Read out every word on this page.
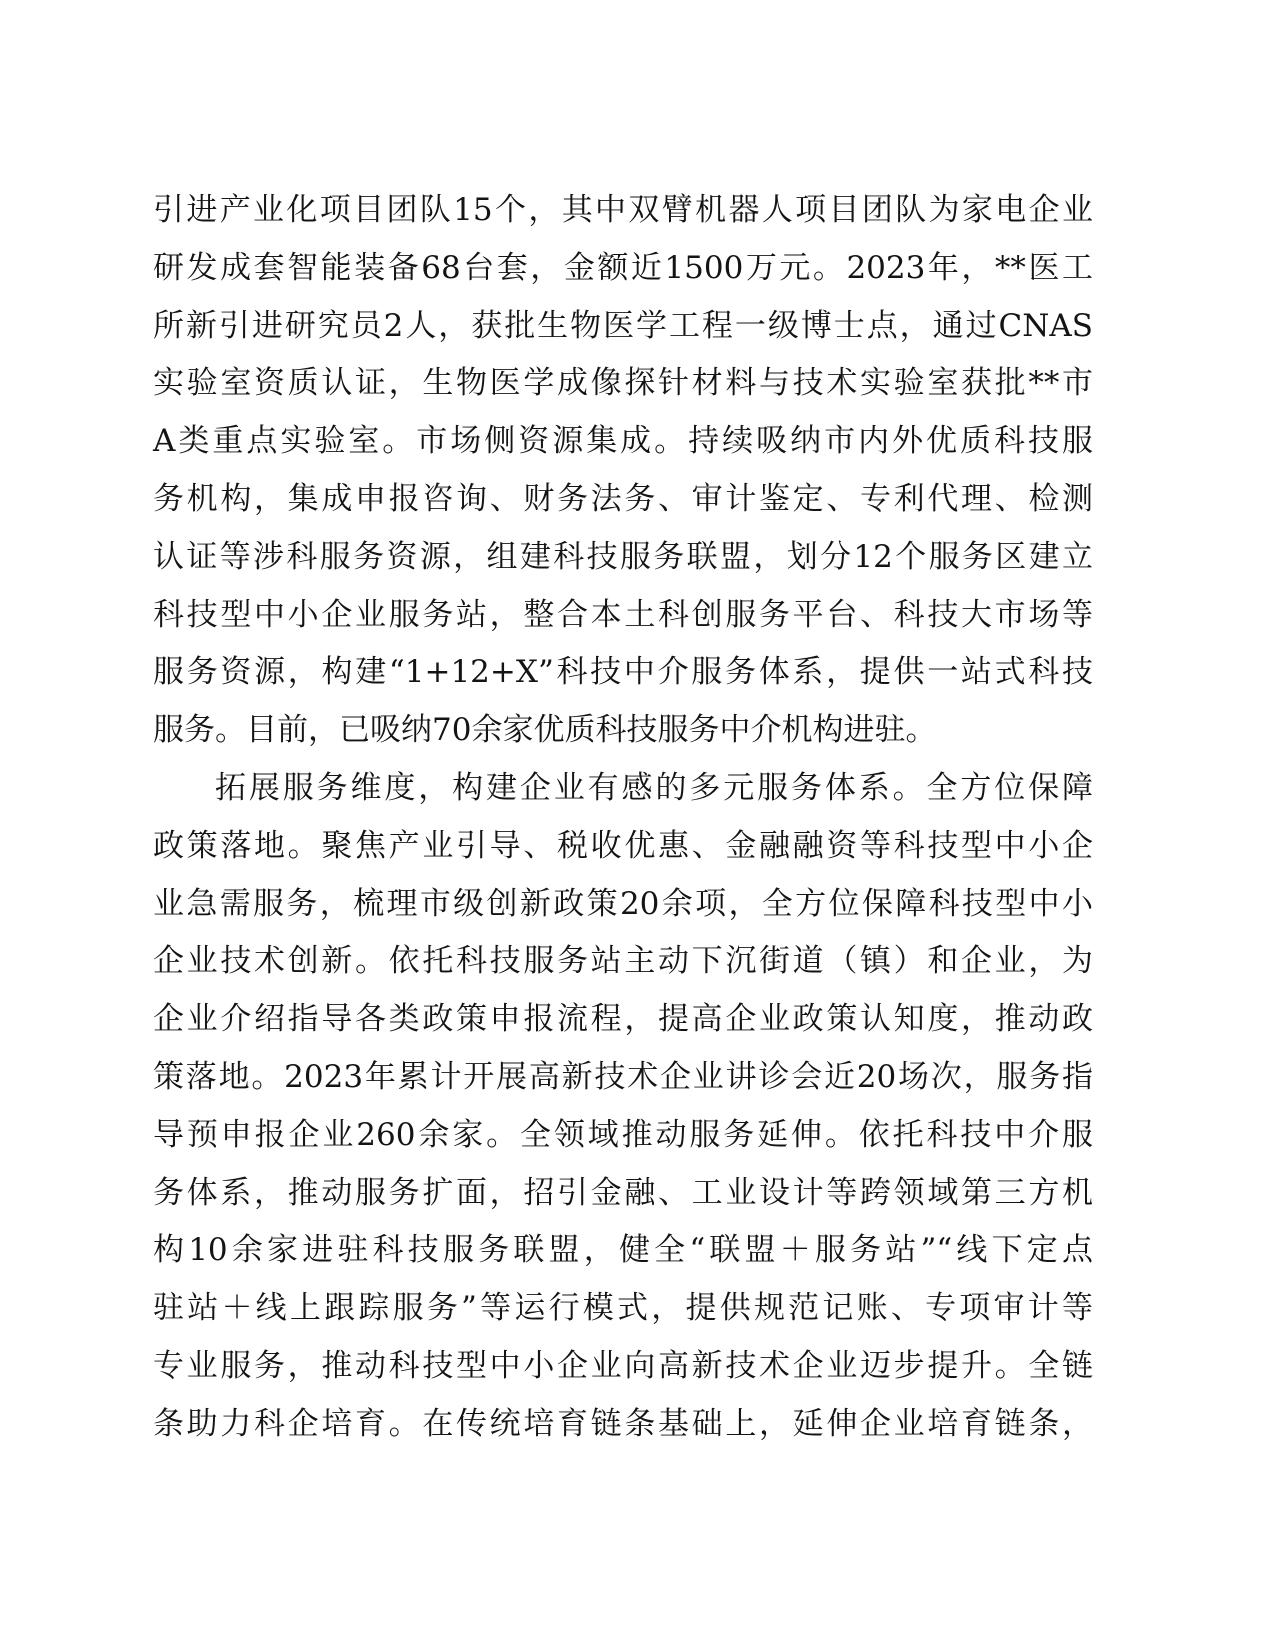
引进产业化项目团队15个，其中双臂机器人项目团队为家电企业
研发成套智能装备68台套，金额近1500万元。2023年，**医工
所新引进研究员2人，获批生物医学工程一级博士点，通过CNAS
实验室资质认证，生物医学成像探针材料与技术实验室获批**市
A类重点实验室。市场侧资源集成。持续吸纳市内外优质科技服
务机构，集成申报咨询、财务法务、审计鉴定、专利代理、检测
认证等涉科服务资源，组建科技服务联盟，划分12个服务区建立
科技型中小企业服务站，整合本土科创服务平台、科技大市场等
服务资源，构建“1+12+X”科技中介服务体系，提供一站式科技
服务。目前，已吸纳70余家优质科技服务中介机构进驻。
拓展服务维度，构建企业有感的多元服务体系。全方位保障
政策落地。聚焦产业引导、税收优惠、金融融资等科技型中小企
业急需服务，梳理市级创新政策20余项，全方位保障科技型中小
企业技术创新。依托科技服务站主动下沉街道（镇）和企业，为
企业介绍指导各类政策申报流程，提高企业政策认知度，推动政
策落地。2023年累计开展高新技术企业讲诊会近20场次，服务指
导预申报企业260余家。全领域推动服务延伸。依托科技中介服
务体系，推动服务扩面，招引金融、工业设计等跨领域第三方机
构10余家进驻科技服务联盟，健全“联盟＋服务站”“线下定点
驻站＋线上跟踪服务”等运行模式，提供规范记账、专项审计等
专业服务，推动科技型中小企业向高新技术企业迈步提升。全链
条助力科企培育。在传统培育链条基础上，延伸企业培育链条，
